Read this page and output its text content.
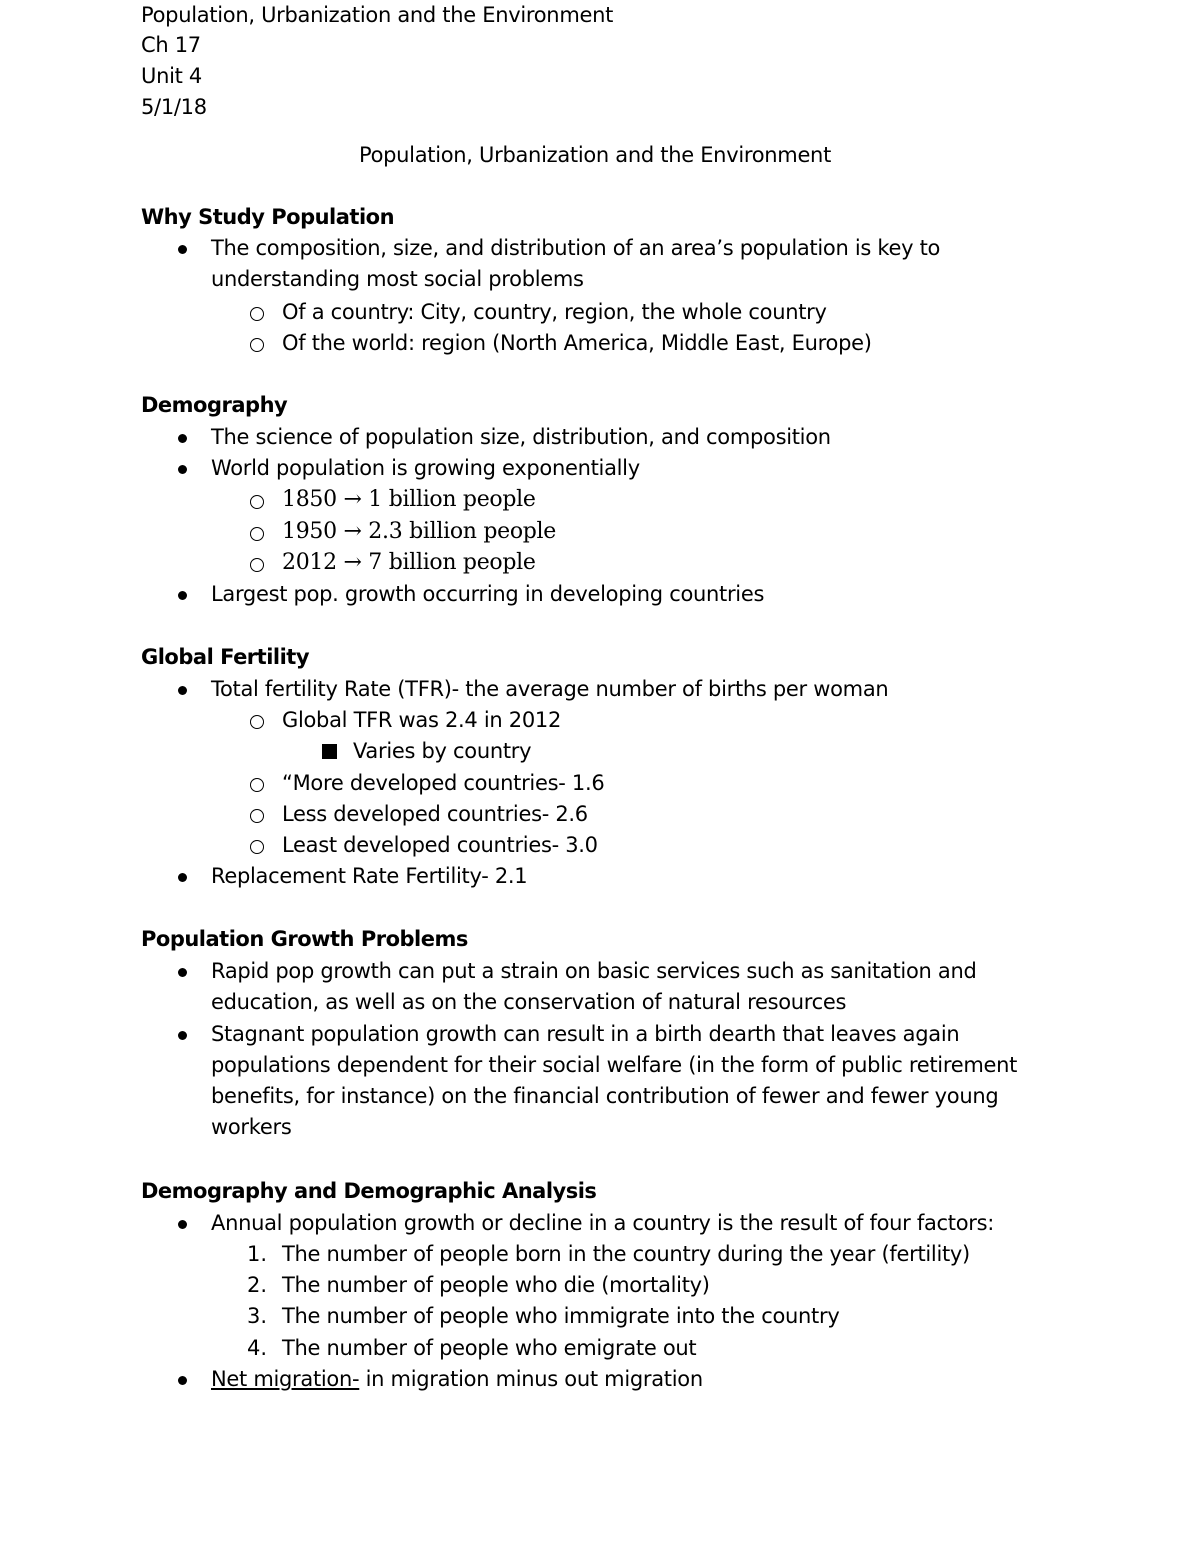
Population, Urbanization and the Environment

Ch 17

Unit 4

5/1/18

Population, Urbanization and the Environment

Why Study Population

The composition, size, and distribution of an area’s population is key to understanding most social problems

Of a country: City, country, region, the whole country

Of the world: region (North America, Middle East, Europe)

Demography

The science of population size, distribution, and composition

World population is growing exponentially

1850 → 1 billion people

1950 → 2.3 billion people

2012 → 7 billion people

Largest pop. growth occurring in developing countries

Global Fertility

Total fertility Rate (TFR)- the average number of births per woman

Global TFR was 2.4 in 2012

Varies by country

“More developed countries- 1.6

Less developed countries- 2.6

Least developed countries- 3.0

Replacement Rate Fertility- 2.1

Population Growth Problems

Rapid pop growth can put a strain on basic services such as sanitation and education, as well as on the conservation of natural resources

Stagnant population growth can result in a birth dearth that leaves again populations dependent for their social welfare (in the form of public retirement benefits, for instance) on the financial contribution of fewer and fewer young workers

Demography and Demographic Analysis

Annual population growth or decline in a country is the result of four factors:

1. The number of people born in the country during the year (fertility)

2. The number of people who die (mortality)

3. The number of people who immigrate into the country

4. The number of people who emigrate out

Net migration- in migration minus out migration
